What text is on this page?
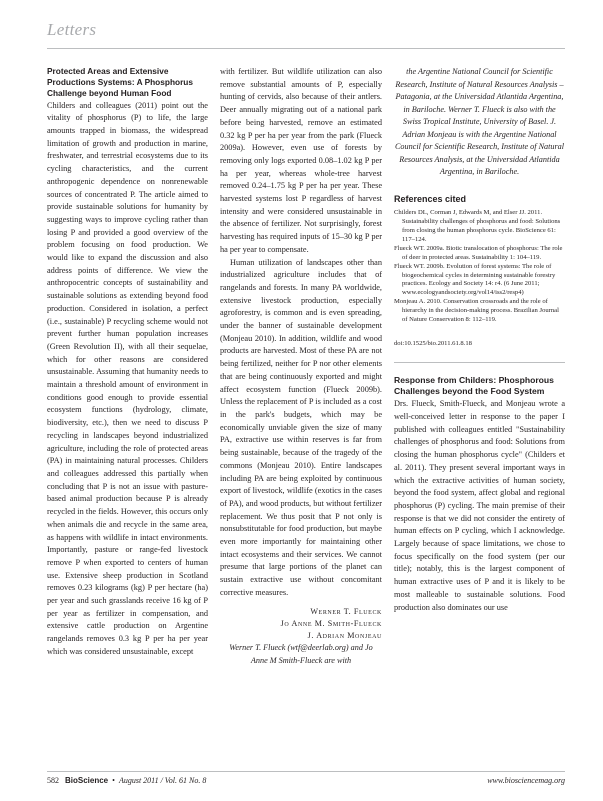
Letters

Protected Areas and Extensive Productions Systems: A Phosphorus Challenge beyond Human Food

Childers and colleagues (2011) point out the vitality of phosphorus (P) to life, the large amounts trapped in biomass, the widespread limitation of growth and production in marine, freshwater, and terrestrial ecosystems due to its cycling characteristics, and the current anthropogenic dependence on nonrenewable sources of concentrated P. The article aimed to provide sustainable solutions for humanity by suggesting ways to improve cycling rather than losing P and provided a good overview of the problem focusing on food production. We would like to expand the discussion and also address points of difference. We view the anthropocentric concepts of sustainability and sustainable solutions as extending beyond food production. Considered in isolation, a perfect (i.e., sustainable) P recycling scheme would not prevent further human population increases (Green Revolution II), with all their sequelae, which for other reasons are considered unsustainable. Assuming that humanity needs to maintain a threshold amount of environment in conditions good enough to provide essential ecosystem functions (hydrology, climate, biodiversity, etc.), then we need to discuss P recycling in landscapes beyond industrialized agriculture, including the role of protected areas (PA) in maintaining natural processes. Childers and colleagues addressed this partially when concluding that P is not an issue with pasture-based animal production because P is already recycled in the fields. However, this occurs only when animals die and recycle in the same area, as happens with wildlife in intact environments. Importantly, pasture or range-fed livestock remove P when exported to centers of human use. Extensive sheep production in Scotland removes 0.23 kilograms (kg) P per hectare (ha) per year and such grasslands receive 16 kg of P per year as fertilizer in compensation, and extensive cattle production on Argentine rangelands removes 0.3 kg P per ha per year which was considered unsustainable, except

with fertilizer. But wildlife utilization can also remove substantial amounts of P, especially hunting of cervids, also because of their antlers. Deer annually migrating out of a national park before being harvested, remove an estimated 0.32 kg P per ha per year from the park (Flueck 2009a). However, even use of forests by removing only logs exported 0.08–1.02 kg P per ha per year, whereas whole-tree harvest removed 0.24–1.75 kg P per ha per year. These harvested systems lost P regardless of harvest intensity and were considered unsustainable in the absence of fertilizer. Not surprisingly, forest harvesting has required inputs of 15–30 kg P per ha per year to compensate.

Human utilization of landscapes other than industrialized agriculture includes that of rangelands and forests. In many PA worldwide, extensive livestock production, especially agroforestry, is common and is even spreading, under the banner of sustainable development (Monjeau 2010). In addition, wildlife and wood products are harvested. Most of these PA are not being fertilized, neither for P nor other elements that are being continuously exported and might affect ecosystem function (Flueck 2009b). Unless the replacement of P is included as a cost in the park's budgets, which may be economically unviable given the size of many PA, extractive use within reserves is far from being sustainable, because of the tragedy of the commons (Monjeau 2010). Entire landscapes including PA are being exploited by continuous export of livestock, wildlife (exotics in the cases of PA), and wood products, but without fertilizer replacement. We thus posit that P not only is nonsubstitutable for food production, but maybe even more importantly for maintaining other intact ecosystems and their services. We cannot presume that large portions of the planet can sustain extractive use without concomitant corrective measures.

Werner T. Flueck
Jo Anne M. Smith-Flueck
J. Adrian Monjeau

Werner T. Flueck (wtf@deerlab.org) and Jo Anne M Smith-Flueck are with

the Argentine National Council for Scientific Research, Institute of Natural Resources Analysis – Patagonia, at the Universidad Atlantida Argentina, in Bariloche. Werner T. Flueck is also with the Swiss Tropical Institute, University of Basel. J. Adrian Monjeau is with the Argentine National Council for Scientific Research, Institute of Natural Resources Analysis, at the Universidad Atlantida Argentina, in Bariloche.

References cited
Childers DL, Corman J, Edwards M, and Elser JJ. 2011. Sustainability challenges of phosphorus and food: Solutions from closing the human phosphorus cycle. BioScience 61: 117–124.
Flueck WT. 2009a. Biotic translocation of phosphorus: The role of deer in protected areas. Sustainability 1: 104–119.
Flueck WT. 2009b. Evolution of forest systems: The role of biogeochemical cycles in determining sustainable forestry practices. Ecology and Society 14: r4. (6 June 2011; www.ecologyandsociety.org/vol14/iss2/resp4)
Monjeau A. 2010. Conservation crossroads and the role of hierarchy in the decision-making process. Brazilian Journal of Nature Conservation 8: 112–119.
doi:10.1525/bio.2011.61.8.18

Response from Childers: Phosphorous Challenges beyond the Food System

Drs. Flueck, Smith-Flueck, and Monjeau wrote a well-conceived letter in response to the paper I published with colleagues entitled "Sustainability challenges of phosphorus and food: Solutions from closing the human phosphorus cycle" (Childers et al. 2011). They present several important ways in which the extractive activities of human society, beyond the food system, affect global and regional phosphorus (P) cycling. The main premise of their response is that we did not consider the entirety of human effects on P cycling, which I acknowledge. Largely because of space limitations, we chose to focus specifically on the food system (per our title); notably, this is the largest component of human extractive uses of P and it is likely to be most malleable to sustainable solutions. Food production also dominates our use

582 BioScience  •  August 2011 / Vol. 61 No. 8	www.biosciencemag.org
